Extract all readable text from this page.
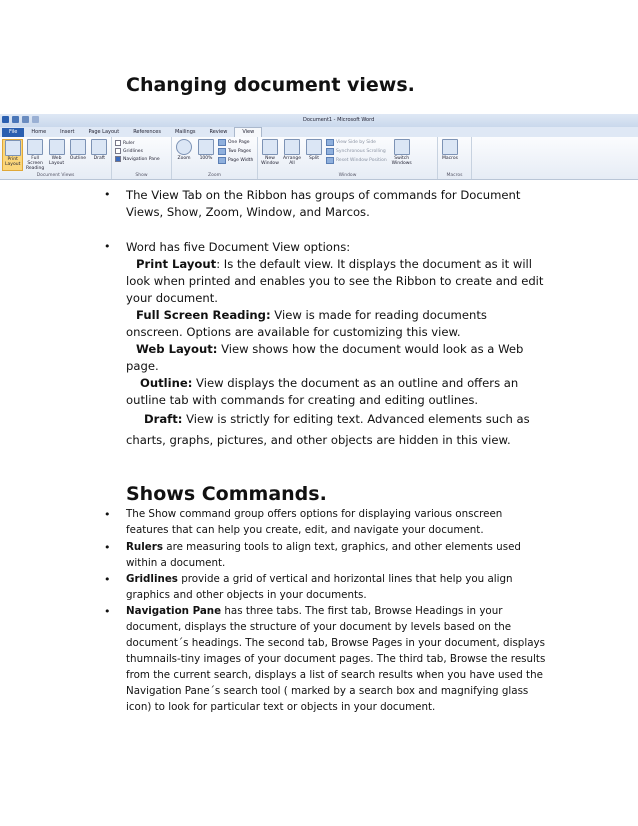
Changing document views.
Document1 - Microsoft Word
File	Home	Insert	Page Layout	References	Mailings	Review	View
Print Layout
Full Screen Reading
Web Layout
Outline Draft
Document Views
Ruler
Gridlines
Navigation Pane
Show
Zoom 100%
One Page
Two Pages
Page Width
Zoom
New Window
Arrange All
Split
View Side by Side
Synchronous Scrolling
Reset Window Position	Switch Windows
Window
Macros
Macros
• The View Tab on the Ribbon has groups of commands for Document Views, Show, Zoom, Window, and Marcos.
• Word has five Document View options:
Print Layout: Is the default view. It displays the document as it will look when printed and enables you to see the Ribbon to create and edit your document.
Full Screen Reading: View is made for reading documents onscreen. Options are available for customizing this view.
Web Layout: View shows how the document would look as a Web page.
Outline: View displays the document as an outline and offers an outline tab with commands for creating and editing outlines.
Draft: View is strictly for editing text. Advanced elements such as charts, graphs, pictures, and other objects are hidden in this view.
Shows Commands.
• The Show command group offers options for displaying various onscreen features that can help you create, edit, and navigate your document.
• Rulers are measuring tools to align text, graphics, and other elements used within a document.
• Gridlines provide a grid of vertical and horizontal lines that help you align graphics and other objects in your documents.
• Navigation Pane has three tabs. The first tab, Browse Headings in your document, displays the structure of your document by levels based on the document´s headings. The second tab, Browse Pages in your document, displays thumnails-tiny images of your document pages. The third tab, Browse the results from the current search, displays a list of search results when you have used the Navigation Pane´s search tool ( marked by a search box and magnifying glass icon) to look for particular text or objects in your document.
